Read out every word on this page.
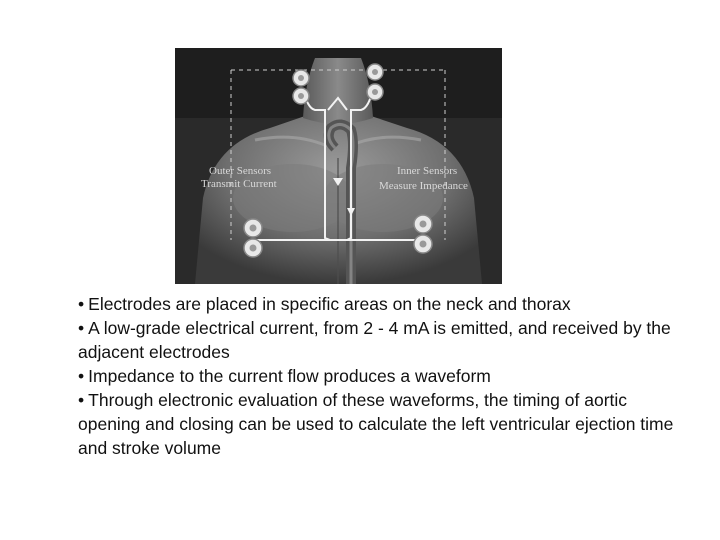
Outer Sensors
Transmit Current
Inner Sensors
Measure Impedance
• Electrodes are placed in specific areas on the neck and thorax
• A low-grade electrical current, from 2 - 4 mA is emitted, and received by the adjacent electrodes
• Impedance to the current flow produces a waveform
• Through electronic evaluation of these waveforms, the timing of aortic opening and closing can be used to calculate the left ventricular ejection time and stroke volume
